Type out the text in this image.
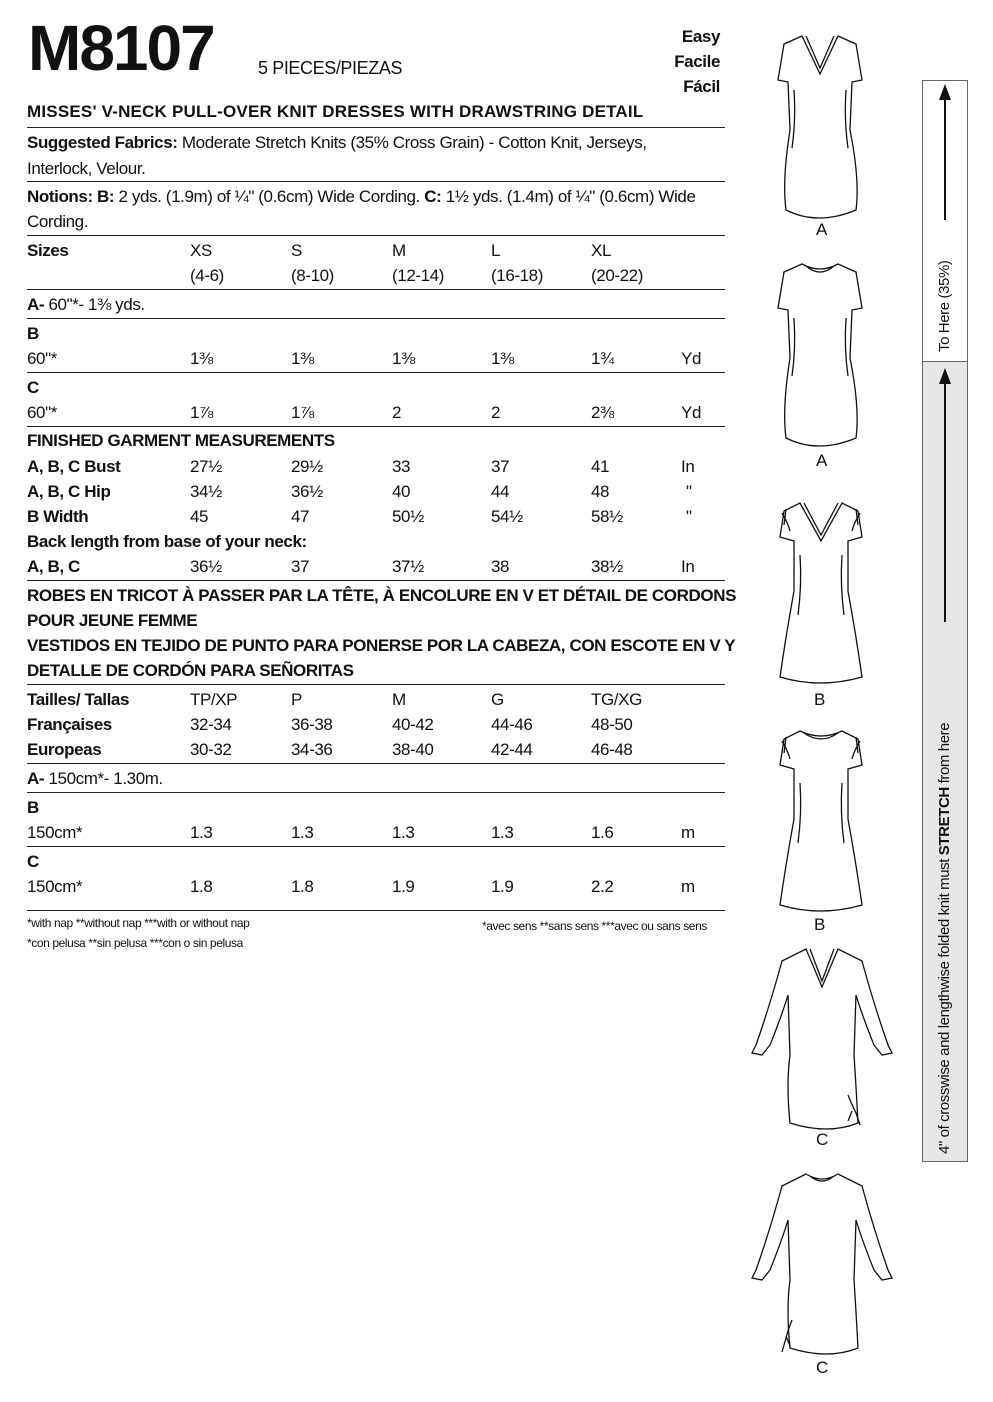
M8107 5 PIECES/PIEZAS
Easy
Facile
Fácil
MISSES' V-NECK PULL-OVER KNIT DRESSES WITH DRAWSTRING DETAIL
Suggested Fabrics: Moderate Stretch Knits (35% Cross Grain) - Cotton Knit, Jerseys,
Interlock, Velour.
Notions: B: 2 yds. (1.9m) of ¼" (0.6cm) Wide Cording. C: 1½ yds. (1.4m) of ¼" (0.6cm) Wide
Cording.
Sizes	XS	S	M	L	XL
(4-6)	(8-10)	(12-14)	(16-18)	(20-22)
A- 60"*- 1⅜ yds.
B
60"*	1⅜	1⅜	1⅜	1⅜	1¾	Yd
C
60"*	1⅞	1⅞	2	2	2⅜	Yd
FINISHED GARMENT MEASUREMENTS
A, B, C Bust	27½	29½	33	37	41	In
A, B, C Hip	34½	36½	40	44	48	"
B Width	45	47	50½	54½	58½	"
Back length from base of your neck:
A, B, C	36½	37	37½	38	38½	In
ROBES EN TRICOT À PASSER PAR LA TÊTE, À ENCOLURE EN V ET DÉTAIL DE CORDONS
POUR JEUNE FEMME
VESTIDOS EN TEJIDO DE PUNTO PARA PONERSE POR LA CABEZA, CON ESCOTE EN V Y
DETALLE DE CORDÓN PARA SEÑORITAS
Tailles/ Tallas	TP/XP	P	M	G	TG/XG
Françaises	32-34	36-38	40-42	44-46	48-50
Europeas	30-32	34-36	38-40	42-44	46-48
A- 150cm*- 1.30m.
B
150cm*	1.3	1.3	1.3	1.3	1.6	m
C
150cm*	1.8	1.8	1.9	1.9	2.2	m
*with nap **without nap ***with or without nap
*con pelusa **sin pelusa ***con o sin pelusa
*avec sens **sans sens ***avec ou sans sens
A
A
B
B
C
C
To Here (35%)
4" of crosswise and lengthwise folded knit must STRETCH from here
